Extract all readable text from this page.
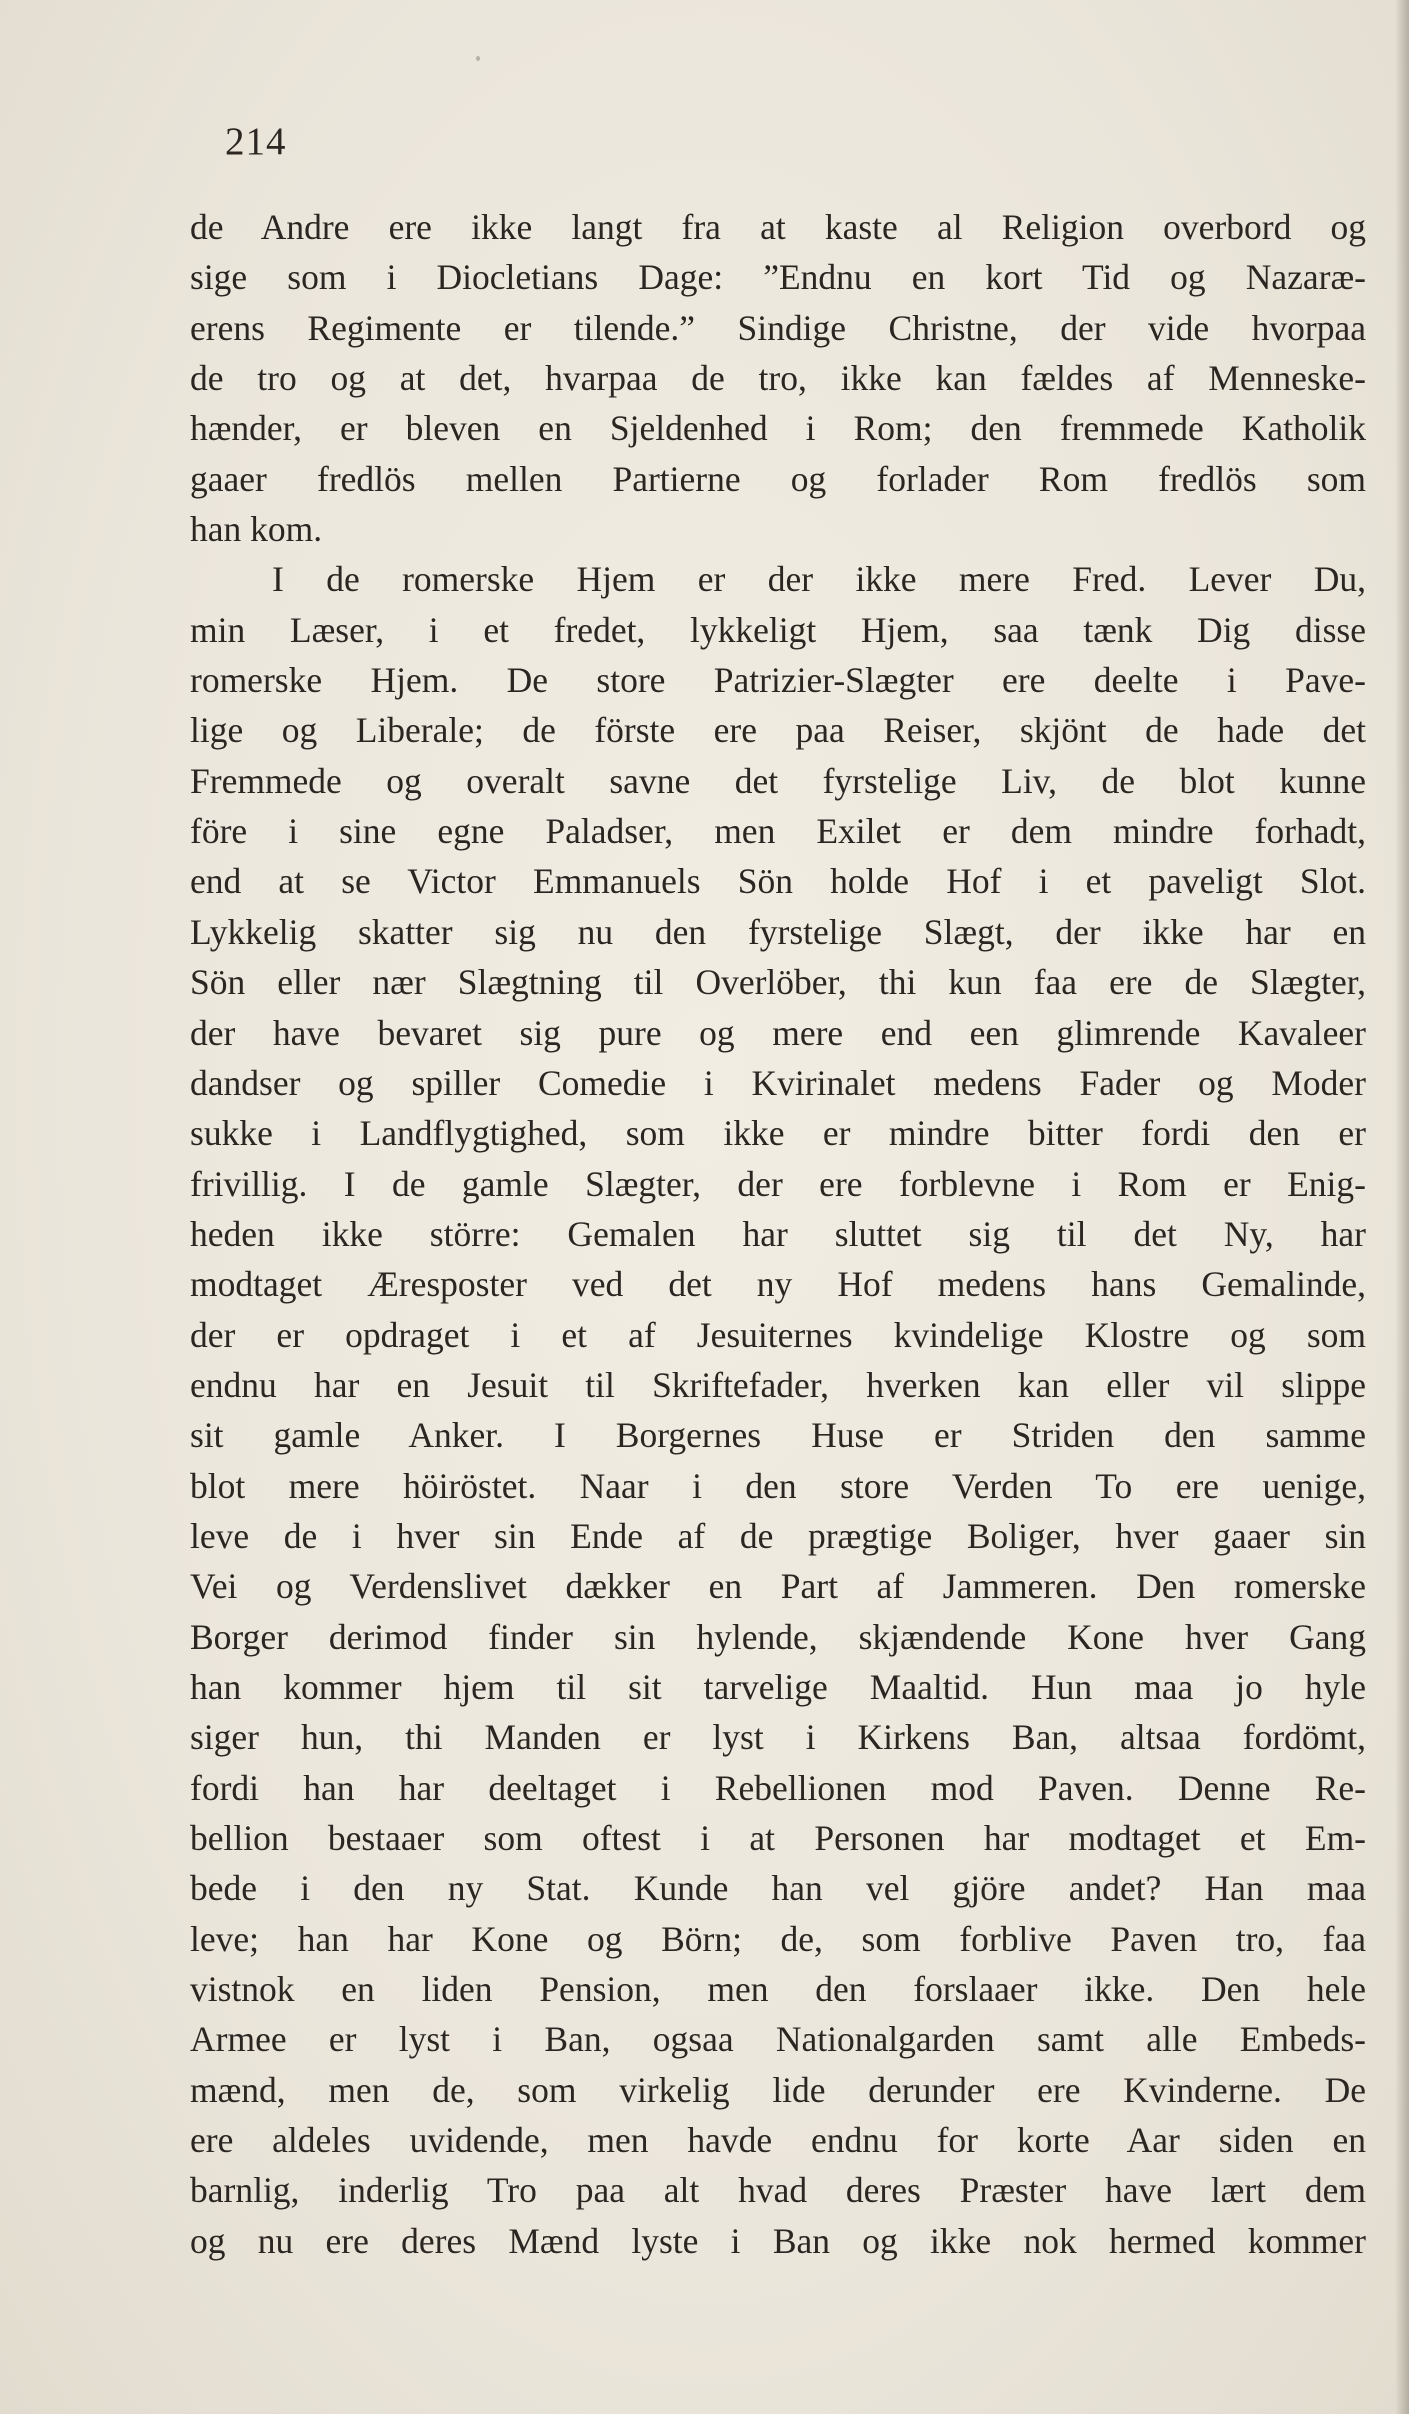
214
de Andre ere ikke langt fra at kaste al Religion overbord og
sige som i Diocletians Dage: ”Endnu en kort Tid og Nazaræ-
erens Regimente er tilende.” Sindige Christne, der vide hvorpaa
de tro og at det, hvarpaa de tro, ikke kan fældes af Menneske-
hænder, er bleven en Sjeldenhed i Rom; den fremmede Katholik
gaaer fredlös mellen Partierne og forlader Rom fredlös som
han kom.
I de romerske Hjem er der ikke mere Fred. Lever Du,
min Læser, i et fredet, lykkeligt Hjem, saa tænk Dig disse
romerske Hjem. De store Patrizier-Slægter ere deelte i Pave-
lige og Liberale; de förste ere paa Reiser, skjönt de hade det
Fremmede og overalt savne det fyrstelige Liv, de blot kunne
före i sine egne Paladser, men Exilet er dem mindre forhadt,
end at se Victor Emmanuels Sön holde Hof i et paveligt Slot.
Lykkelig skatter sig nu den fyrstelige Slægt, der ikke har en
Sön eller nær Slægtning til Overlöber, thi kun faa ere de Slægter,
der have bevaret sig pure og mere end een glimrende Kavaleer
dandser og spiller Comedie i Kvirinalet medens Fader og Moder
sukke i Landflygtighed, som ikke er mindre bitter fordi den er
frivillig. I de gamle Slægter, der ere forblevne i Rom er Enig-
heden ikke större: Gemalen har sluttet sig til det Ny, har
modtaget Æresposter ved det ny Hof medens hans Gemalinde,
der er opdraget i et af Jesuiternes kvindelige Klostre og som
endnu har en Jesuit til Skriftefader, hverken kan eller vil slippe
sit gamle Anker. I Borgernes Huse er Striden den samme
blot mere höiröstet. Naar i den store Verden To ere uenige,
leve de i hver sin Ende af de prægtige Boliger, hver gaaer sin
Vei og Verdenslivet dækker en Part af Jammeren. Den romerske
Borger derimod finder sin hylende, skjændende Kone hver Gang
han kommer hjem til sit tarvelige Maaltid. Hun maa jo hyle
siger hun, thi Manden er lyst i Kirkens Ban, altsaa fordömt,
fordi han har deeltaget i Rebellionen mod Paven. Denne Re-
bellion bestaaer som oftest i at Personen har modtaget et Em-
bede i den ny Stat. Kunde han vel gjöre andet? Han maa
leve; han har Kone og Börn; de, som forblive Paven tro, faa
vistnok en liden Pension, men den forslaaer ikke. Den hele
Armee er lyst i Ban, ogsaa Nationalgarden samt alle Embeds-
mænd, men de, som virkelig lide derunder ere Kvinderne. De
ere aldeles uvidende, men havde endnu for korte Aar siden en
barnlig, inderlig Tro paa alt hvad deres Præster have lært dem
og nu ere deres Mænd lyste i Ban og ikke nok hermed kommer
